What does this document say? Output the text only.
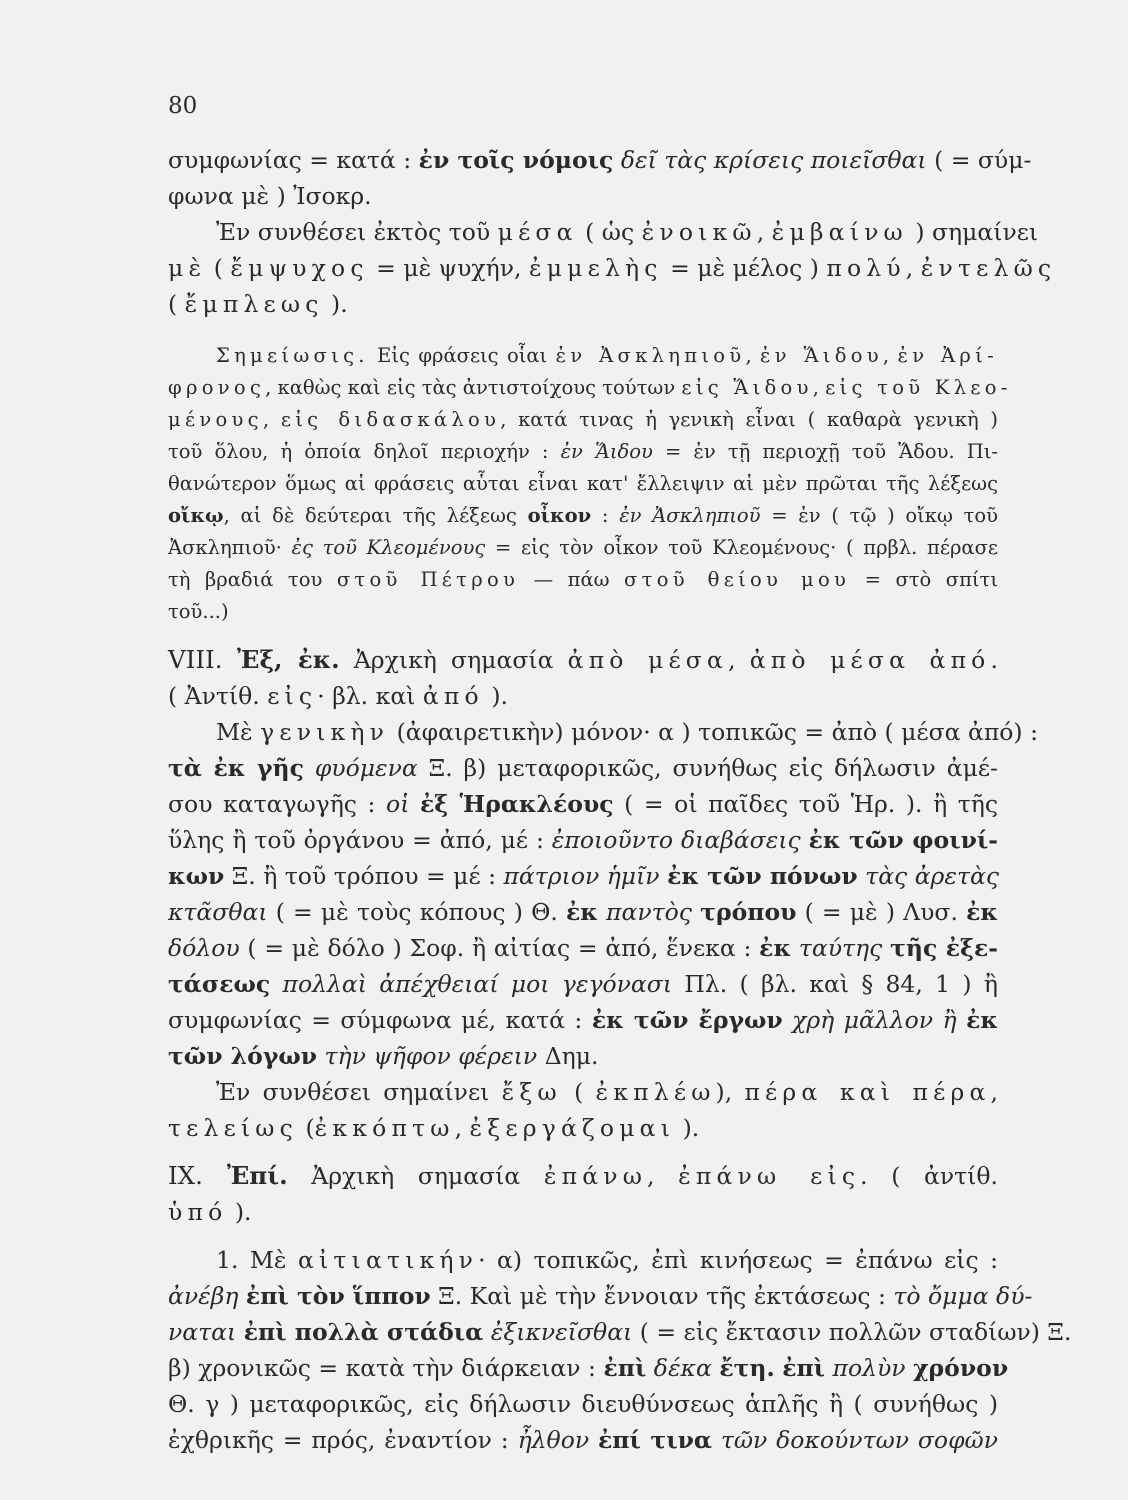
80
συμφωνίας = κατά : ἐν τοῖς νόμοις δεῖ τὰς κρίσεις ποιεῖσθαι ( = σύμ-
φωνα μὲ ) Ἰσοκρ.
Ἐν συνθέσει ἐκτὸς τοῦ μέσα ( ὡς ἐνοικῶ, ἐμβαίνω ) σημαίνει
μὲ ( ἔμψυχος = μὲ ψυχήν, ἐμμελὴς = μὲ μέλος ) πολύ, ἐντελῶς
( ἔμπλεως ).
Σημείωσις. Εἰς φράσεις οἷαι ἐν Ἀσκληπιοῦ, ἐν Ἅιδου, ἐν Ἀρί-
φρονος, καθὼς καὶ εἰς τὰς ἀντιστοίχους τούτων εἰς Ἅιδου, εἰς τοῦ Κλεο-
μένους, εἰς διδασκάλου, κατά τινας ἡ γενικὴ εἶναι ( καθαρὰ γενικὴ )
τοῦ ὅλου, ἡ ὁποία δηλοῖ περιοχήν : ἐν Ἅιδου = ἐν τῇ περιοχῇ τοῦ Ἅδου. Πι-
θανώτερον ὅμως αἱ φράσεις αὗται εἶναι κατ' ἔλλειψιν αἱ μὲν πρῶται τῆς λέξεως
οἴκῳ, αἱ δὲ δεύτεραι τῆς λέξεως οἶκον : ἐν Ἀσκληπιοῦ = ἐν ( τῷ ) οἴκῳ τοῦ
Ἀσκληπιοῦ· ἐς τοῦ Κλεομένους = εἰς τὸν οἶκον τοῦ Κλεομένους· ( πρβλ. πέρασε
τὴ βραδιά του στοῦ Πέτρου — πάω στοῦ θείου μου = στὸ σπίτι
τοῦ...)
VIII. Ἐξ, ἐκ. Ἀρχικὴ σημασία ἀπὸ μέσα, ἀπὸ μέσα ἀπό.
( Ἀντίθ. εἰς· βλ. καὶ ἀπό ).
Μὲ γενικὴν (ἀφαιρετικὴν) μόνον· α ) τοπικῶς = ἀπὸ ( μέσα ἀπό) :
τὰ ἐκ γῆς φυόμενα Ξ. β) μεταφορικῶς, συνήθως εἰς δήλωσιν ἀμέ-
σου καταγωγῆς : οἱ ἐξ Ἡρακλέους ( = οἱ παῖδες τοῦ Ἡρ. ). ἢ τῆς
ὕλης ἢ τοῦ ὀργάνου = ἀπό, μέ : ἐποιοῦντο διαβάσεις ἐκ τῶν φοινί-
κων Ξ. ἢ τοῦ τρόπου = μέ : πάτριον ἡμῖν ἐκ τῶν πόνων τὰς ἀρετὰς
κτᾶσθαι ( = μὲ τοὺς κόπους ) Θ. ἐκ παντὸς τρόπου ( = μὲ ) Λυσ. ἐκ
δόλου ( = μὲ δόλο ) Σοφ. ἢ αἰτίας = ἀπό, ἕνεκα : ἐκ ταύτης τῆς ἐξε-
τάσεως πολλαὶ ἀπέχθειαί μοι γεγόνασι Πλ. ( βλ. καὶ § 84, 1 ) ἢ
συμφωνίας = σύμφωνα μέ, κατά : ἐκ τῶν ἔργων χρὴ μᾶλλον ἢ ἐκ
τῶν λόγων τὴν ψῆφον φέρειν Δημ.
Ἐν συνθέσει σημαίνει ἔξω ( ἐκπλέω), πέρα καὶ πέρα,
τελείως (ἐκκόπτω, ἐξεργάζομαι ).
IX. Ἐπί. Ἀρχικὴ σημασία ἐπάνω, ἐπάνω εἰς. ( ἀντίθ.
ὑπό ).
1. Μὲ αἰτιατικήν· α) τοπικῶς, ἐπὶ κινήσεως = ἐπάνω εἰς :
ἀνέβη ἐπὶ τὸν ἵππον Ξ. Καὶ μὲ τὴν ἔννοιαν τῆς ἐκτάσεως : τὸ ὄμμα δύ-
ναται ἐπὶ πολλὰ στάδια ἐξικνεῖσθαι ( = εἰς ἔκτασιν πολλῶν σταδίων) Ξ.
β) χρονικῶς = κατὰ τὴν διάρκειαν : ἐπὶ δέκα ἔτη. ἐπὶ πολὺν χρόνον
Θ. γ ) μεταφορικῶς, εἰς δήλωσιν διευθύνσεως ἁπλῆς ἢ ( συνήθως )
ἐχθρικῆς = πρός, ἐναντίον : ἦλθον ἐπί τινα τῶν δοκούντων σοφῶν
